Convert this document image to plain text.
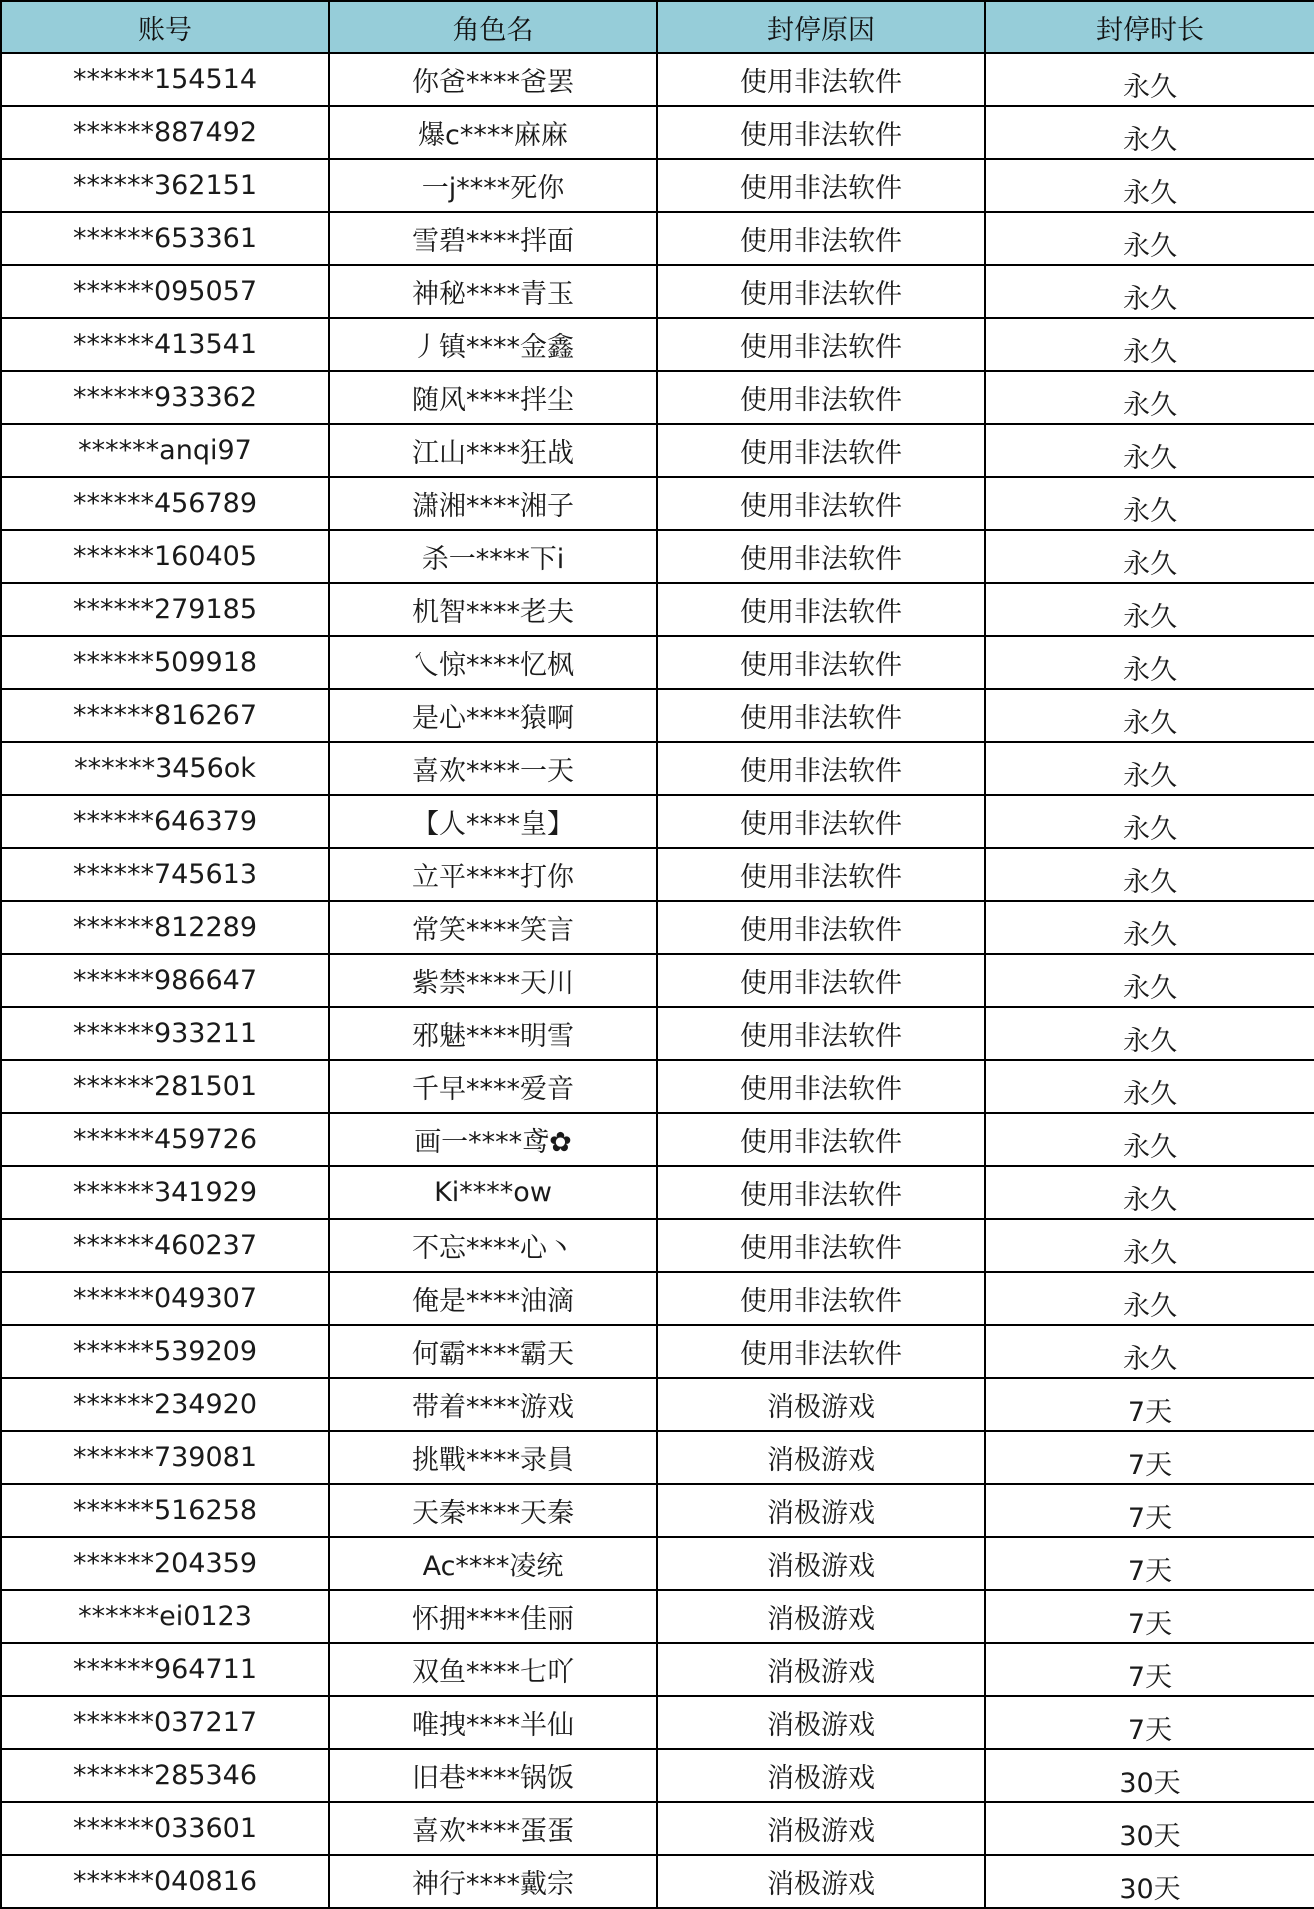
账号	角色名	封停原因	封停时长
******154514	你爸****爸罢	使用非法软件	永久
******887492	爆c****麻麻	使用非法软件	永久
******362151	一j****死你	使用非法软件	永久
******653361	雪碧****拌面	使用非法软件	永久
******095057	神秘****青玉	使用非法软件	永久
******413541	丿镇****金鑫	使用非法软件	永久
******933362	随风****拌尘	使用非法软件	永久
******anqi97	江山****狂战	使用非法软件	永久
******456789	潇湘****湘子	使用非法软件	永久
******160405	杀一****下i	使用非法软件	永久
******279185	机智****老夫	使用非法软件	永久
******509918	乀惊****忆枫	使用非法软件	永久
******816267	是心****猿啊	使用非法软件	永久
******3456ok	喜欢****一天	使用非法软件	永久
******646379	【人****皇】	使用非法软件	永久
******745613	立平****打你	使用非法软件	永久
******812289	常笑****笑言	使用非法软件	永久
******986647	紫禁****天川	使用非法软件	永久
******933211	邪魅****明雪	使用非法软件	永久
******281501	千早****爱音	使用非法软件	永久
******459726	画一****鸢✿	使用非法软件	永久
******341929	Ki****ow	使用非法软件	永久
******460237	不忘****心丶	使用非法软件	永久
******049307	俺是****油滴	使用非法软件	永久
******539209	何霸****霸天	使用非法软件	永久
******234920	带着****游戏	消极游戏	7天
******739081	挑戰****录員	消极游戏	7天
******516258	天秦****天秦	消极游戏	7天
******204359	Ac****凌统	消极游戏	7天
******ei0123	怀拥****佳丽	消极游戏	7天
******964711	双鱼****七吖	消极游戏	7天
******037217	唯拽****半仙	消极游戏	7天
******285346	旧巷****锅饭	消极游戏	30天
******033601	喜欢****蛋蛋	消极游戏	30天
******040816	神行****戴宗	消极游戏	30天
